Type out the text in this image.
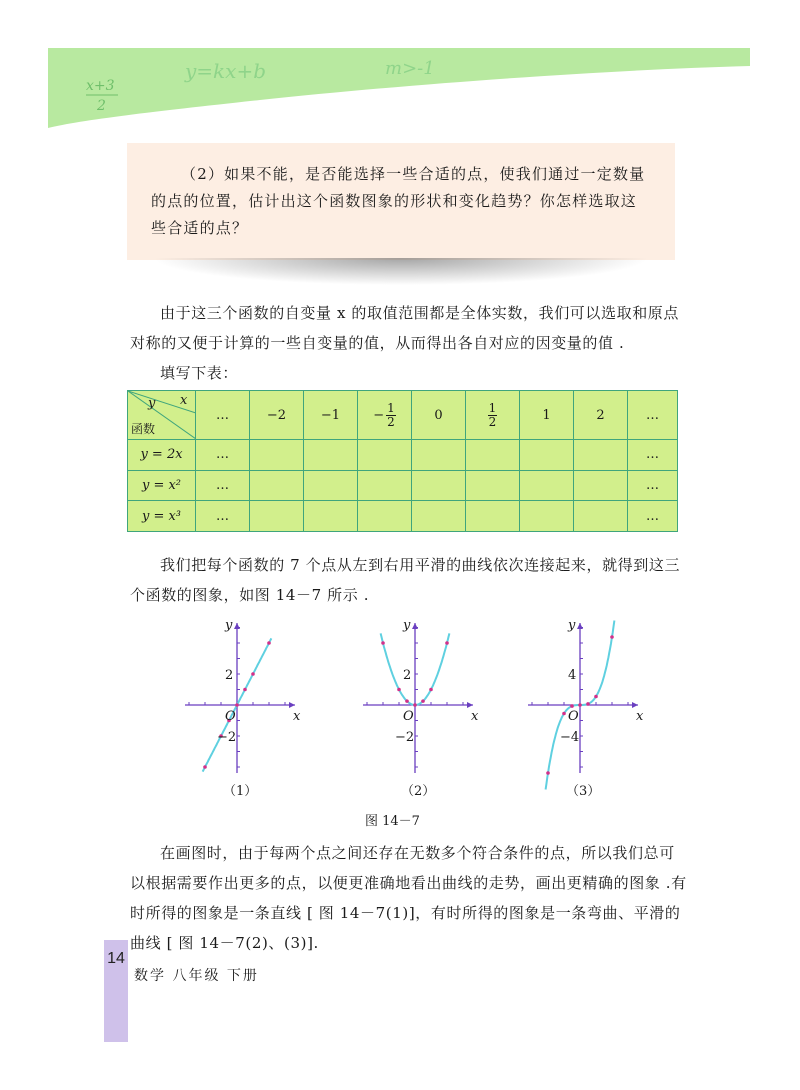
x+3
2
y=kx+b	m>-1

（2）如果不能，是否能选择一些合适的点，使我们通过一定数量的点的位置，估计出这个函数图象的形状和变化趋势？你怎样选取这些合适的点？

由于这三个函数的自变量 x 的取值范围都是全体实数，我们可以选取和原点对称的又便于计算的一些自变量的值，从而得出各自对应的因变量的值 .

填写下表：

y x
函数	…	−2	−1	− $\frac{1}{2}$	0	$\frac{1}{2}$	1	2	…
y = 2x	…								…
y = x²	…								…
y = x³	…								…

我们把每个函数的 7 个点从左到右用平滑的曲线依次连接起来，就得到这三个函数的图象，如图 14－7 所示 .

O	x
y
2
−2
（1）
O	x
y
2
−2
（2）
O	x
y
4
−4
（3）
图 14－7

在画图时，由于每两个点之间还存在无数多个符合条件的点，所以我们总可以根据需要作出更多的点，以便更准确地看出曲线的走势，画出更精确的图象 .有时所得的图象是一条直线 [ 图 14－7(1)]，有时所得的图象是一条弯曲、平滑的曲线 [ 图 14－7(2)、(3)].

14
数学 八年级 下册
